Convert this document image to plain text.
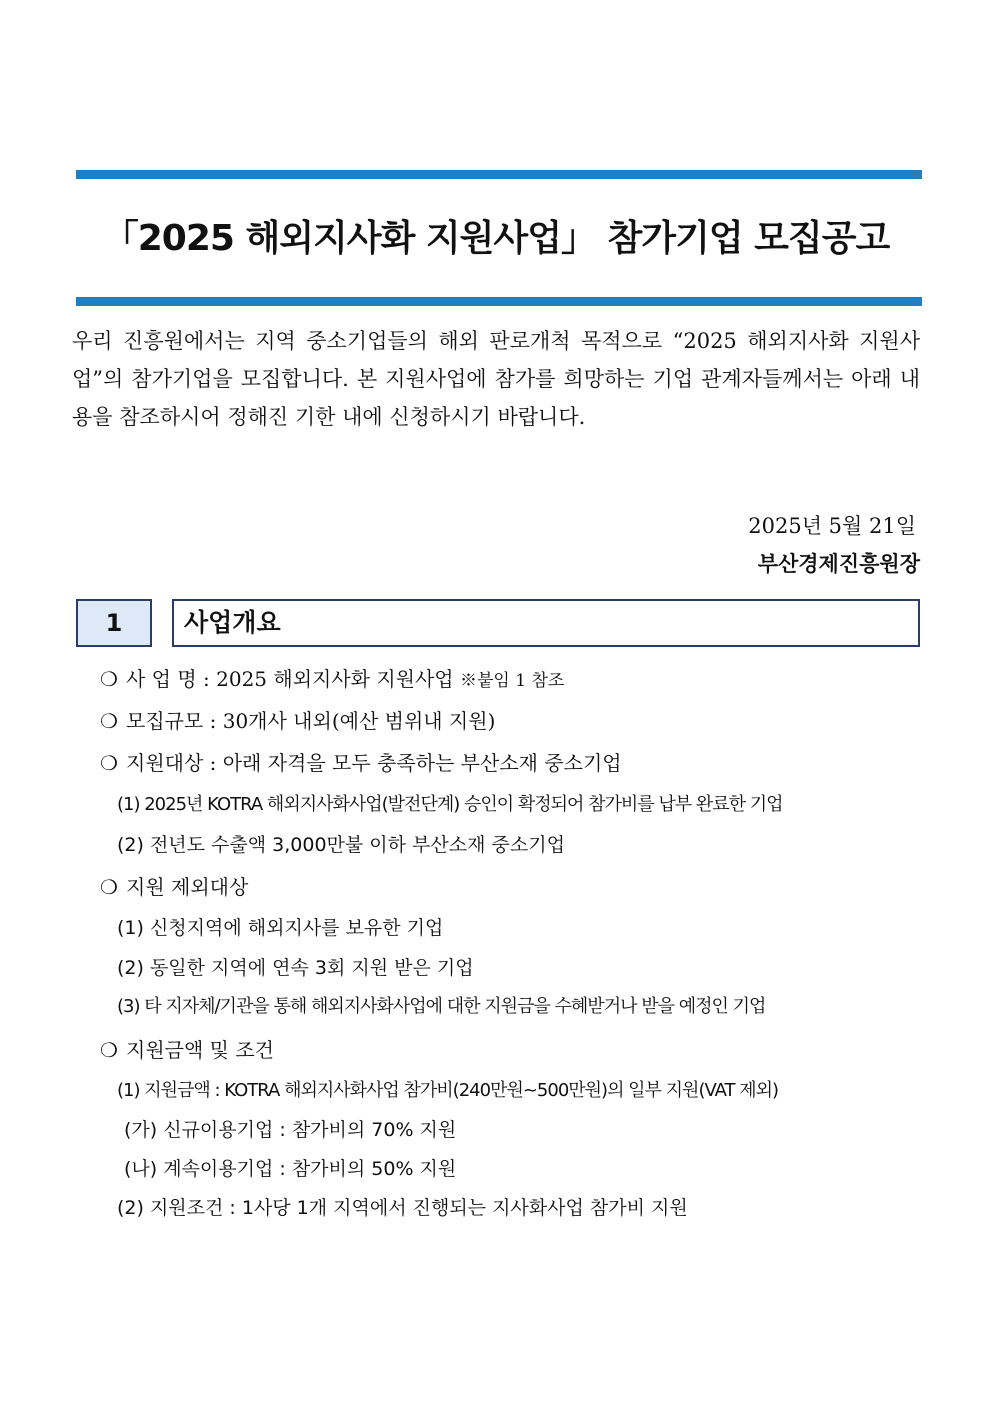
「2025 해외지사화 지원사업」 참가기업 모집공고
우리 진흥원에서는 지역 중소기업들의 해외 판로개척 목적으로 “2025 해외지사화 지원사업”의 참가기업을 모집합니다. 본 지원사업에 참가를 희망하는 기업 관계자들께서는 아래 내용을 참조하시어 정해진 기한 내에 신청하시기 바랍니다.
2025년 5월 21일
부산경제진흥원장
1	사업개요
❍ 사 업 명 : 2025 해외지사화 지원사업 ※붙임 1 참조
❍ 모집규모 : 30개사 내외(예산 범위내 지원)
❍ 지원대상 : 아래 자격을 모두 충족하는 부산소재 중소기업
(1) 2025년 KOTRA 해외지사화사업(발전단계) 승인이 확정되어 참가비를 납부 완료한 기업
(2) 전년도 수출액 3,000만불 이하 부산소재 중소기업
❍ 지원 제외대상
(1) 신청지역에 해외지사를 보유한 기업
(2) 동일한 지역에 연속 3회 지원 받은 기업
(3) 타 지자체/기관을 통해 해외지사화사업에 대한 지원금을 수혜받거나 받을 예정인 기업
❍ 지원금액 및 조건
(1) 지원금액 : KOTRA 해외지사화사업 참가비(240만원~500만원)의 일부 지원(VAT 제외)
(가) 신규이용기업 : 참가비의 70% 지원
(나) 계속이용기업 : 참가비의 50% 지원
(2) 지원조건 : 1사당 1개 지역에서 진행되는 지사화사업 참가비 지원
